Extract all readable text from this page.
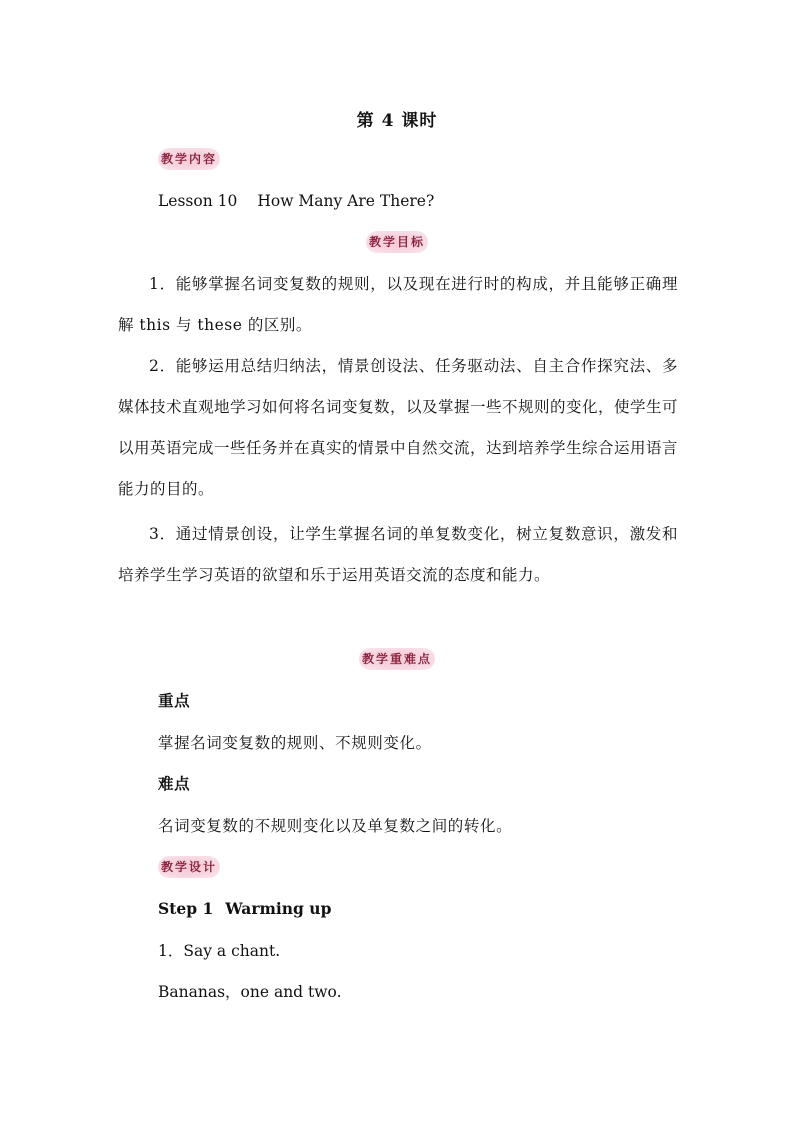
第 4 课时
教学内容
Lesson 10 How Many Are There?
教学目标
1．能够掌握名词变复数的规则，以及现在进行时的构成，并且能够正确理解 this 与 these 的区别。
2．能够运用总结归纳法，情景创设法、任务驱动法、自主合作探究法、多媒体技术直观地学习如何将名词变复数，以及掌握一些不规则的变化，使学生可以用英语完成一些任务并在真实的情景中自然交流，达到培养学生综合运用语言能力的目的。
3．通过情景创设，让学生掌握名词的单复数变化，树立复数意识，激发和培养学生学习英语的欲望和乐于运用英语交流的态度和能力。
教学重难点
重点
掌握名词变复数的规则、不规则变化。
难点
名词变复数的不规则变化以及单复数之间的转化。
教学设计
Step 1 Warming up
1．Say a chant.
Bananas，one and two.
